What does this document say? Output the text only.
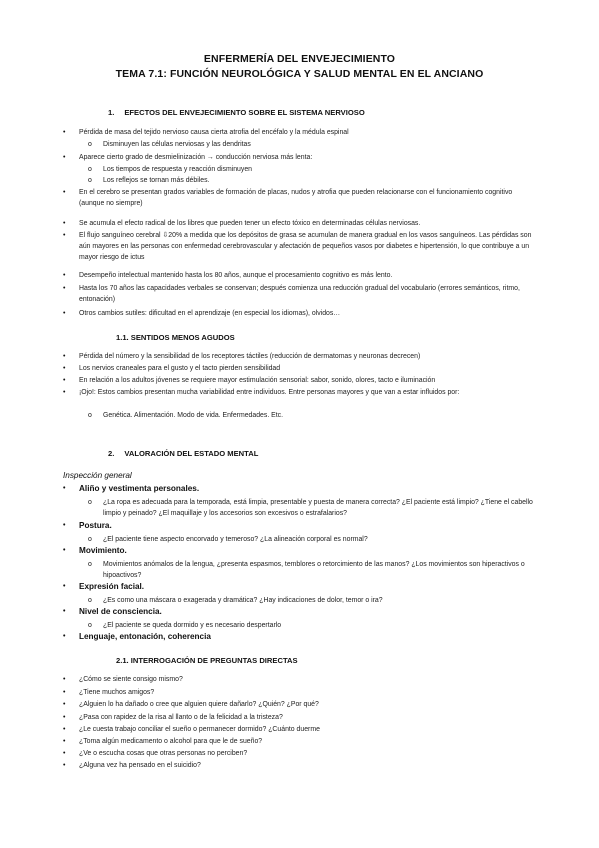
ENFERMERÍA DEL ENVEJECIMIENTO
TEMA 7.1: FUNCIÓN NEUROLÓGICA Y SALUD MENTAL EN EL ANCIANO
1. EFECTOS DEL ENVEJECIMIENTO SOBRE EL SISTEMA NERVIOSO
• Pérdida de masa del tejido nervioso causa cierta atrofia del encéfalo y la médula espinal
o Disminuyen las células nerviosas y las dendritas
• Aparece cierto grado de desmielinización → conducción nerviosa más lenta:
o Los tiempos de respuesta y reacción disminuyen
o Los reflejos se tornan más débiles.
• En el cerebro se presentan grados variables de formación de placas, nudos y atrofia que pueden relacionarse con el funcionamiento cognitivo (aunque no siempre)
• Se acumula el efecto radical de los libres que pueden tener un efecto tóxico en determinadas células nerviosas.
• El flujo sanguíneo cerebral ⇩20% a medida que los depósitos de grasa se acumulan de manera gradual en los vasos sanguíneos. Las pérdidas son aún mayores en las personas con enfermedad cerebrovascular y afectación de pequeños vasos por diabetes e hipertensión, lo que contribuye a un mayor riesgo de ictus
• Desempeño intelectual mantenido hasta los 80 años, aunque el procesamiento cognitivo es más lento.
• Hasta los 70 años las capacidades verbales se conservan; después comienza una reducción gradual del vocabulario (errores semánticos, ritmo, entonación)
• Otros cambios sutiles: dificultad en el aprendizaje (en especial los idiomas), olvidos…
1.1. SENTIDOS MENOS AGUDOS
• Pérdida del número y la sensibilidad de los receptores táctiles (reducción de dermatomas y neuronas decrecen)
• Los nervios craneales para el gusto y el tacto pierden sensibilidad
• En relación a los adultos jóvenes se requiere mayor estimulación sensorial: sabor, sonido, olores, tacto e iluminación
• ¡Ojo!: Estos cambios presentan mucha variabilidad entre individuos. Entre personas mayores y que van a estar influidos por:
o Genética. Alimentación. Modo de vida. Enfermedades. Etc.
2. VALORACIÓN DEL ESTADO MENTAL
Inspección general
• Aliño y vestimenta personales.
o ¿La ropa es adecuada para la temporada, está limpia, presentable y puesta de manera correcta? ¿El paciente está limpio? ¿Tiene el cabello limpio y peinado? ¿El maquillaje y los accesorios son excesivos o estrafalarios?
• Postura.
o ¿El paciente tiene aspecto encorvado y temeroso? ¿La alineación corporal es normal?
• Movimiento.
o Movimientos anómalos de la lengua, ¿presenta espasmos, temblores o retorcimiento de las manos? ¿Los movimientos son hiperactivos o hipoactivos?
• Expresión facial.
o ¿Es como una máscara o exagerada y dramática? ¿Hay indicaciones de dolor, temor o ira?
• Nivel de consciencia.
o ¿El paciente se queda dormido y es necesario despertarlo
• Lenguaje, entonación, coherencia
2.1. INTERROGACIÓN DE PREGUNTAS DIRECTAS
• ¿Cómo se siente consigo mismo?
• ¿Tiene muchos amigos?
• ¿Alguien lo ha dañado o cree que alguien quiere dañarlo? ¿Quién? ¿Por qué?
• ¿Pasa con rapidez de la risa al llanto o de la felicidad a la tristeza?
• ¿Le cuesta trabajo conciliar el sueño o permanecer dormido? ¿Cuánto duerme
• ¿Toma algún medicamento o alcohol para que le de sueño?
• ¿Ve o escucha cosas que otras personas no perciben?
• ¿Alguna vez ha pensado en el suicidio?
